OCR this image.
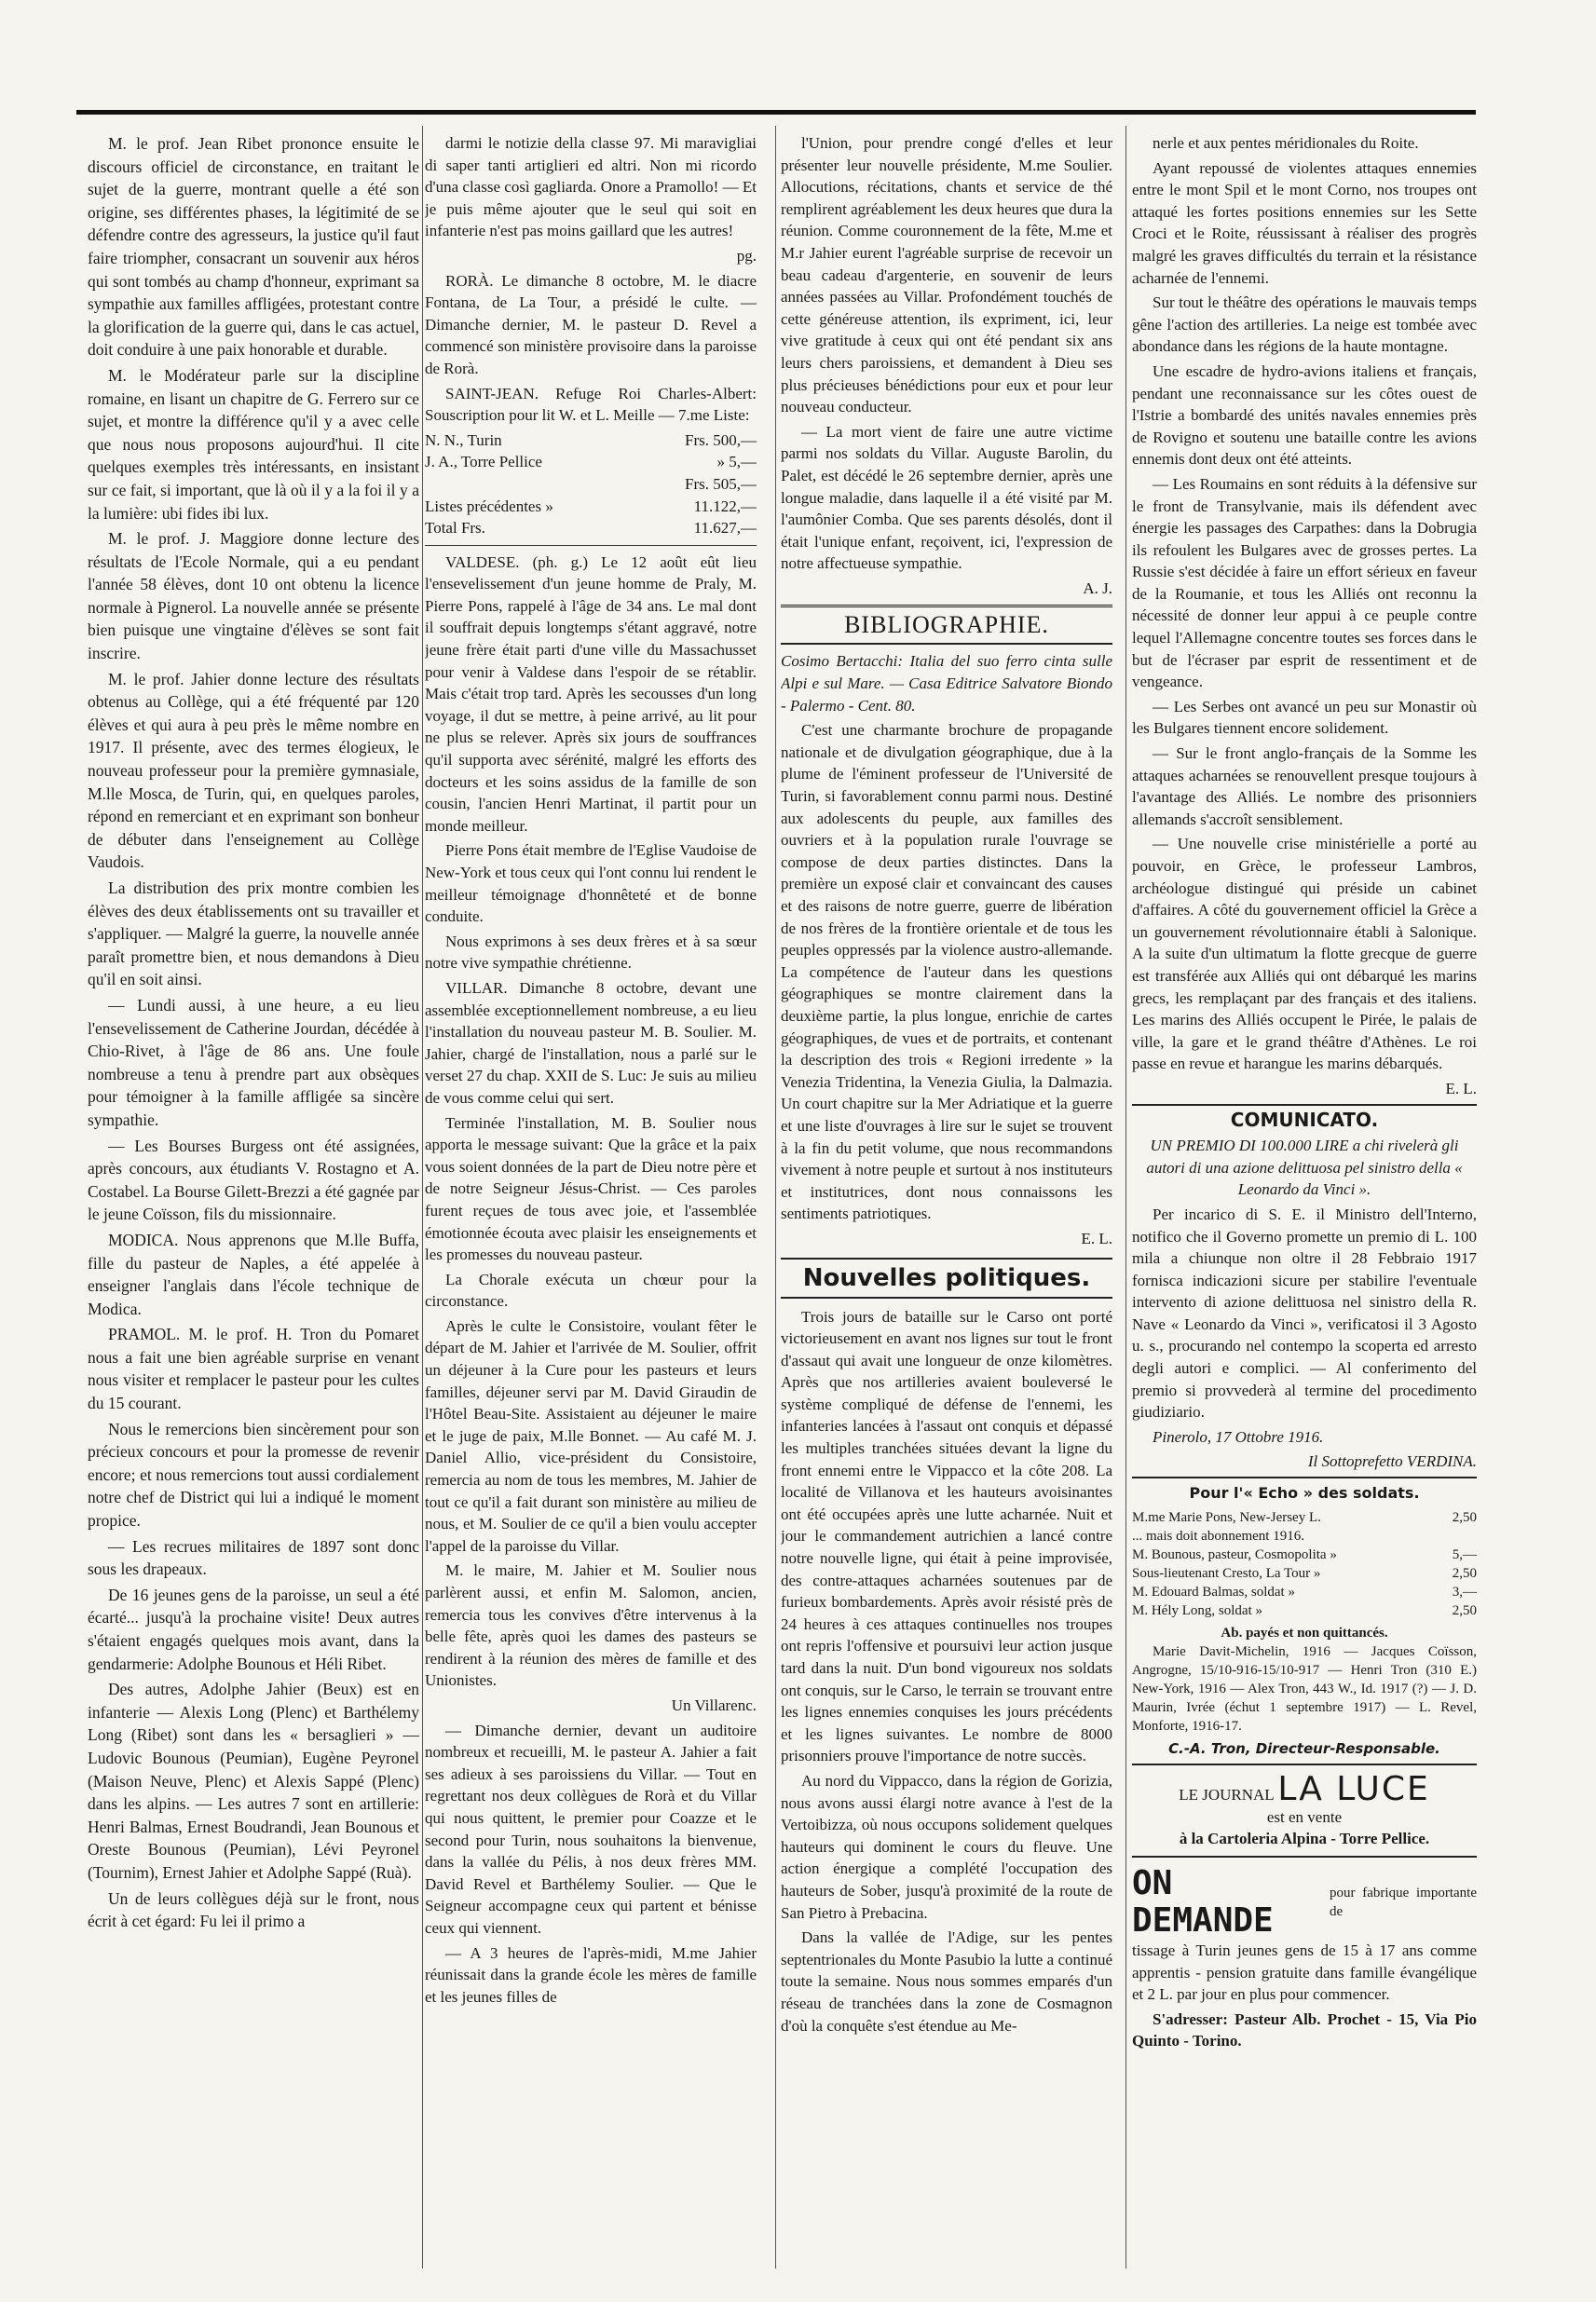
M. le prof. Jean Ribet prononce ensuite le discours officiel de circonstance, en traitant le sujet de la guerre, montrant quelle a été son origine, ses différentes phases, la légitimité de se défendre contre des agresseurs, la justice qu'il faut faire triompher, consacrant un souvenir aux héros qui sont tombés au champ d'honneur, exprimant sa sympathie aux familles affligées, protestant contre la glorification de la guerre qui, dans le cas actuel, doit conduire à une paix honorable et durable.

M. le Modérateur parle sur la discipline romaine, en lisant un chapitre de G. Ferrero sur ce sujet, et montre la différence qu'il y a avec celle que nous nous proposons aujourd'hui. Il cite quelques exemples très intéressants, en insistant sur ce fait, si important, que là où il y a la foi il y a la lumière: ubi fides ibi lux.

M. le prof. J. Maggiore donne lecture des résultats de l'Ecole Normale, qui a eu pendant l'année 58 élèves, dont 10 ont obtenu la licence normale à Pignerol. La nouvelle année se présente bien puisque une vingtaine d'élèves se sont fait inscrire.

M. le prof. Jahier donne lecture des résultats obtenus au Collège, qui a été fréquenté par 120 élèves et qui aura à peu près le même nombre en 1917. Il présente, avec des termes élogieux, le nouveau professeur pour la première gymnasiale, M.lle Mosca, de Turin, qui, en quelques paroles, répond en remerciant et en exprimant son bonheur de débuter dans l'enseignement au Collège Vaudois.

La distribution des prix montre combien les élèves des deux établissements ont su travailler et s'appliquer. — Malgré la guerre, la nouvelle année paraît promettre bien, et nous demandons à Dieu qu'il en soit ainsi.

— Lundi aussi, à une heure, a eu lieu l'ensevelissement de Catherine Jourdan, décédée à Chio-Rivet, à l'âge de 86 ans. Une foule nombreuse a tenu à prendre part aux obsèques pour témoigner à la famille affligée sa sincère sympathie.

— Les Bourses Burgess ont été assignées, après concours, aux étudiants V. Rostagno et A. Costabel. La Bourse Gilett-Brezzi a été gagnée par le jeune Coïsson, fils du missionnaire.

MODICA. Nous apprenons que M.lle Buffa, fille du pasteur de Naples, a été appelée à enseigner l'anglais dans l'école technique de Modica.

PRAMOL. M. le prof. H. Tron du Pomaret nous a fait une bien agréable surprise en venant nous visiter et remplacer le pasteur pour les cultes du 15 courant.

Nous le remercions bien sincèrement pour son précieux concours et pour la promesse de revenir encore; et nous remercions tout aussi cordialement notre chef de District qui lui a indiqué le moment propice.

— Les recrues militaires de 1897 sont donc sous les drapeaux.

De 16 jeunes gens de la paroisse, un seul a été écarté... jusqu'à la prochaine visite! Deux autres s'étaient engagés quelques mois avant, dans la gendarmerie: Adolphe Bounous et Héli Ribet.

Des autres, Adolphe Jahier (Beux) est en infanterie — Alexis Long (Plenc) et Barthélemy Long (Ribet) sont dans les « bersaglieri » — Ludovic Bounous (Peumian), Eugène Peyronel (Maison Neuve, Plenc) et Alexis Sappé (Plenc) dans les alpins. — Les autres 7 sont en artillerie: Henri Balmas, Ernest Boudrandi, Jean Bounous et Oreste Bounous (Peumian), Lévi Peyronel (Tournim), Ernest Jahier et Adolphe Sappé (Ruà).

Un de leurs collègues déjà sur le front, nous écrit à cet égard: Fu lei il primo a

darmi le notizie della classe 97. Mi maravigliai di saper tanti artiglieri ed altri. Non mi ricordo d'una classe così gagliarda. Onore a Pramollo! — Et je puis même ajouter que le seul qui soit en infanterie n'est pas moins gaillard que les autres!

pg.

RORÀ. Le dimanche 8 octobre, M. le diacre Fontana, de La Tour, a présidé le culte. — Dimanche dernier, M. le pasteur D. Revel a commencé son ministère provisoire dans la paroisse de Rorà.

SAINT-JEAN. Refuge Roi Charles-Albert: Souscription pour lit W. et L. Meille — 7.me Liste:

N. N., Turin	Frs. 500,—
J. A., Torre Pellice	» 5,—
Frs. 505,—
Listes précédentes »	11.122,—
Total Frs.	11.627,—

VALDESE. (ph. g.) Le 12 août eût lieu l'ensevelissement d'un jeune homme de Praly, M. Pierre Pons, rappelé à l'âge de 34 ans. Le mal dont il souffrait depuis longtemps s'étant aggravé, notre jeune frère était parti d'une ville du Massachusset pour venir à Valdese dans l'espoir de se rétablir. Mais c'était trop tard. Après les secousses d'un long voyage, il dut se mettre, à peine arrivé, au lit pour ne plus se relever. Après six jours de souffrances qu'il supporta avec sérénité, malgré les efforts des docteurs et les soins assidus de la famille de son cousin, l'ancien Henri Martinat, il partit pour un monde meilleur.

Pierre Pons était membre de l'Eglise Vaudoise de New-York et tous ceux qui l'ont connu lui rendent le meilleur témoignage d'honnêteté et de bonne conduite.

Nous exprimons à ses deux frères et à sa sœur notre vive sympathie chrétienne.

VILLAR. Dimanche 8 octobre, devant une assemblée exceptionnellement nombreuse, a eu lieu l'installation du nouveau pasteur M. B. Soulier. M. Jahier, chargé de l'installation, nous a parlé sur le verset 27 du chap. XXII de S. Luc: Je suis au milieu de vous comme celui qui sert.

Terminée l'installation, M. B. Soulier nous apporta le message suivant: Que la grâce et la paix vous soient données de la part de Dieu notre père et de notre Seigneur Jésus-Christ. — Ces paroles furent reçues de tous avec joie, et l'assemblée émotionnée écouta avec plaisir les enseignements et les promesses du nouveau pasteur.

La Chorale exécuta un chœur pour la circonstance.

Après le culte le Consistoire, voulant fêter le départ de M. Jahier et l'arrivée de M. Soulier, offrit un déjeuner à la Cure pour les pasteurs et leurs familles, déjeuner servi par M. David Giraudin de l'Hôtel Beau-Site. Assistaient au déjeuner le maire et le juge de paix, M.lle Bonnet. — Au café M. J. Daniel Allio, vice-président du Consistoire, remercia au nom de tous les membres, M. Jahier de tout ce qu'il a fait durant son ministère au milieu de nous, et M. Soulier de ce qu'il a bien voulu accepter l'appel de la paroisse du Villar.

M. le maire, M. Jahier et M. Soulier nous parlèrent aussi, et enfin M. Salomon, ancien, remercia tous les convives d'être intervenus à la belle fête, après quoi les dames des pasteurs se rendirent à la réunion des mères de famille et des Unionistes.

Un Villarenc.

— Dimanche dernier, devant un auditoire nombreux et recueilli, M. le pasteur A. Jahier a fait ses adieux à ses paroissiens du Villar. — Tout en regrettant nos deux collègues de Rorà et du Villar qui nous quittent, le premier pour Coazze et le second pour Turin, nous souhaitons la bienvenue, dans la vallée du Pélis, à nos deux frères MM. David Revel et Barthélemy Soulier. — Que le Seigneur accompagne ceux qui partent et bénisse ceux qui viennent.

— A 3 heures de l'après-midi, M.me Jahier réunissait dans la grande école les mères de famille et les jeunes filles de

l'Union, pour prendre congé d'elles et leur présenter leur nouvelle présidente, M.me Soulier. Allocutions, récitations, chants et service de thé remplirent agréablement les deux heures que dura la réunion. Comme couronnement de la fête, M.me et M.r Jahier eurent l'agréable surprise de recevoir un beau cadeau d'argenterie, en souvenir de leurs années passées au Villar. Profondément touchés de cette généreuse attention, ils expriment, ici, leur vive gratitude à ceux qui ont été pendant six ans leurs chers paroissiens, et demandent à Dieu ses plus précieuses bénédictions pour eux et pour leur nouveau conducteur.

— La mort vient de faire une autre victime parmi nos soldats du Villar. Auguste Barolin, du Palet, est décédé le 26 septembre dernier, après une longue maladie, dans laquelle il a été visité par M. l'aumônier Comba. Que ses parents désolés, dont il était l'unique enfant, reçoivent, ici, l'expression de notre affectueuse sympathie.

A. J.

BIBLIOGRAPHIE.

Cosimo Bertacchi: Italia del suo ferro cinta sulle Alpi e sul Mare. — Casa Editrice Salvatore Biondo - Palermo - Cent. 80.

C'est une charmante brochure de propagande nationale et de divulgation géographique, due à la plume de l'éminent professeur de l'Université de Turin, si favorablement connu parmi nous. Destiné aux adolescents du peuple, aux familles des ouvriers et à la population rurale l'ouvrage se compose de deux parties distinctes. Dans la première un exposé clair et convaincant des causes et des raisons de notre guerre, guerre de libération de nos frères de la frontière orientale et de tous les peuples oppressés par la violence austro-allemande. La compétence de l'auteur dans les questions géographiques se montre clairement dans la deuxième partie, la plus longue, enrichie de cartes géographiques, de vues et de portraits, et contenant la description des trois « Regioni irredente » la Venezia Tridentina, la Venezia Giulia, la Dalmazia. Un court chapitre sur la Mer Adriatique et la guerre et une liste d'ouvrages à lire sur le sujet se trouvent à la fin du petit volume, que nous recommandons vivement à notre peuple et surtout à nos instituteurs et institutrices, dont nous connaissons les sentiments patriotiques.

E. L.

Nouvelles politiques.

Trois jours de bataille sur le Carso ont porté victorieusement en avant nos lignes sur tout le front d'assaut qui avait une longueur de onze kilomètres. Après que nos artilleries avaient bouleversé le système compliqué de défense de l'ennemi, les infanteries lancées à l'assaut ont conquis et dépassé les multiples tranchées situées devant la ligne du front ennemi entre le Vippacco et la côte 208. La localité de Villanova et les hauteurs avoisinantes ont été occupées après une lutte acharnée. Nuit et jour le commandement autrichien a lancé contre notre nouvelle ligne, qui était à peine improvisée, des contre-attaques acharnées soutenues par de furieux bombardements. Après avoir résisté près de 24 heures à ces attaques continuelles nos troupes ont repris l'offensive et poursuivi leur action jusque tard dans la nuit. D'un bond vigoureux nos soldats ont conquis, sur le Carso, le terrain se trouvant entre les lignes ennemies conquises les jours précédents et les lignes suivantes. Le nombre de 8000 prisonniers prouve l'importance de notre succès.

Au nord du Vippacco, dans la région de Gorizia, nous avons aussi élargi notre avance à l'est de la Vertoibizza, où nous occupons solidement quelques hauteurs qui dominent le cours du fleuve. Une action énergique a complété l'occupation des hauteurs de Sober, jusqu'à proximité de la route de San Pietro à Prebacina.

Dans la vallée de l'Adige, sur les pentes septentrionales du Monte Pasubio la lutte a continué toute la semaine. Nous nous sommes emparés d'un réseau de tranchées dans la zone de Cosmagnon d'où la conquête s'est étendue au Me-

nerle et aux pentes méridionales du Roite.

Ayant repoussé de violentes attaques ennemies entre le mont Spil et le mont Corno, nos troupes ont attaqué les fortes positions ennemies sur les Sette Croci et le Roite, réussissant à réaliser des progrès malgré les graves difficultés du terrain et la résistance acharnée de l'ennemi.

Sur tout le théâtre des opérations le mauvais temps gêne l'action des artilleries. La neige est tombée avec abondance dans les régions de la haute montagne.

Une escadre de hydro-avions italiens et français, pendant une reconnaissance sur les côtes ouest de l'Istrie a bombardé des unités navales ennemies près de Rovigno et soutenu une bataille contre les avions ennemis dont deux ont été atteints.

— Les Roumains en sont réduits à la défensive sur le front de Transylvanie, mais ils défendent avec énergie les passages des Carpathes: dans la Dobrugia ils refoulent les Bulgares avec de grosses pertes. La Russie s'est décidée à faire un effort sérieux en faveur de la Roumanie, et tous les Alliés ont reconnu la nécessité de donner leur appui à ce peuple contre lequel l'Allemagne concentre toutes ses forces dans le but de l'écraser par esprit de ressentiment et de vengeance.

— Les Serbes ont avancé un peu sur Monastir où les Bulgares tiennent encore solidement.

— Sur le front anglo-français de la Somme les attaques acharnées se renouvellent presque toujours à l'avantage des Alliés. Le nombre des prisonniers allemands s'accroît sensiblement.

— Une nouvelle crise ministérielle a porté au pouvoir, en Grèce, le professeur Lambros, archéologue distingué qui préside un cabinet d'affaires. A côté du gouvernement officiel la Grèce a un gouvernement révolutionnaire établi à Salonique. A la suite d'un ultimatum la flotte grecque de guerre est transférée aux Alliés qui ont débarqué les marins grecs, les remplaçant par des français et des italiens. Les marins des Alliés occupent le Pirée, le palais de ville, la gare et le grand théâtre d'Athènes. Le roi passe en revue et harangue les marins débarqués.

E. L.

COMUNICATO.

UN PREMIO DI 100.000 LIRE a chi rivelerà gli autori di una azione delittuosa pel sinistro della « Leonardo da Vinci ».

Per incarico di S. E. il Ministro dell'Interno, notifico che il Governo promette un premio di L. 100 mila a chiunque non oltre il 28 Febbraio 1917 fornisca indicazioni sicure per stabilire l'eventuale intervento di azione delittuosa nel sinistro della R. Nave « Leonardo da Vinci », verificatosi il 3 Agosto u. s., procurando nel contempo la scoperta ed arresto degli autori e complici. — Al conferimento del premio si provvederà al termine del procedimento giudiziario.

Pinerolo, 17 Ottobre 1916.

Il Sottoprefetto VERDINA.

Pour l'« Echo » des soldats.
M.me Marie Pons, New-Jersey L.	2,50
... mais doit abonnement 1916.
M. Bounous, pasteur, Cosmopolita »	5,—
Sous-lieutenant Cresto, La Tour »	2,50
M. Edouard Balmas, soldat »	3,—
M. Hély Long, soldat »	2,50
Ab. payés et non quittancés.

Marie Davit-Michelin, 1916 — Jacques Coïsson, Angrogne, 15/10-916-15/10-917 — Henri Tron (310 E.) New-York, 1916 — Alex Tron, 443 W., Id. 1917 (?) — J. D. Maurin, Ivrée (échut 1 septembre 1917) — L. Revel, Monforte, 1916-17.

C.-A. Tron, Directeur-Responsable.
LE JOURNAL LA LUCE
est en vente
à la Cartoleria Alpina - Torre Pellice.
ON DEMANDE
pour fabrique importante de

tissage à Turin jeunes gens de 15 à 17 ans comme apprentis - pension gratuite dans famille évangélique et 2 L. par jour en plus pour commencer.

S'adresser: Pasteur Alb. Prochet - 15, Via Pio Quinto - Torino.
